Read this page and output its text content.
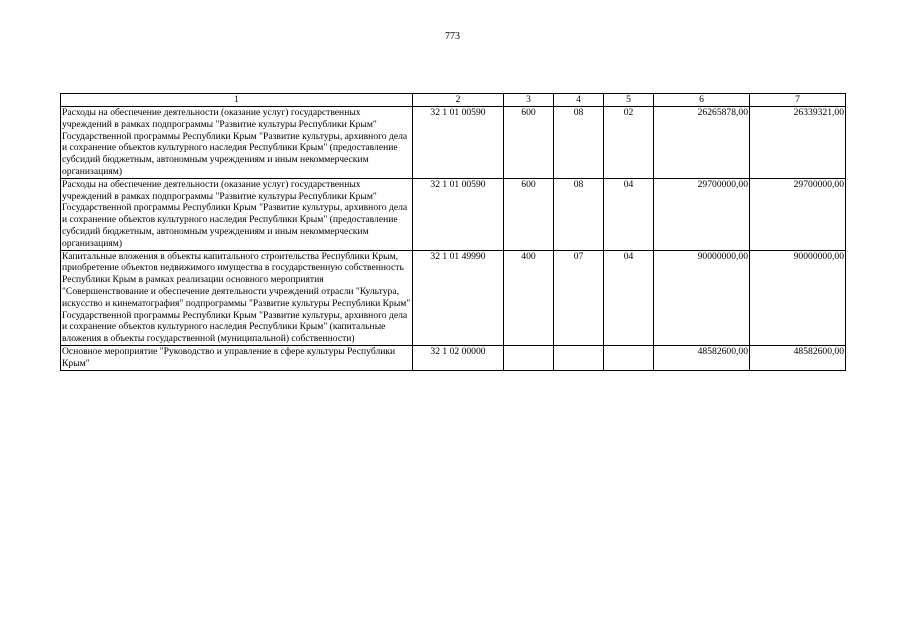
773
1	2	3	4	5	6	7
Расходы на обеспечение деятельности (оказание услуг) государственных учреждений в рамках подпрограммы "Развитие культуры Республики Крым" Государственной программы Республики Крым "Развитие культуры, архивного дела и сохранение объектов культурного наследия Республики Крым" (предоставление субсидий бюджетным, автономным учреждениям и иным некоммерческим организациям)	32 1 01 00590	600	08	02	26265878,00	26339321,00
Расходы на обеспечение деятельности (оказание услуг) государственных учреждений в рамках подпрограммы "Развитие культуры Республики Крым" Государственной программы Республики Крым "Развитие культуры, архивного дела и сохранение объектов культурного наследия Республики Крым" (предоставление субсидий бюджетным, автономным учреждениям и иным некоммерческим организациям)	32 1 01 00590	600	08	04	29700000,00	29700000,00
Капитальные вложения в объекты капитального строительства Республики Крым, приобретение объектов недвижимого имущества в государственную собственность Республики Крым в рамках реализации основного мероприятия "Совершенствование и обеспечение деятельности учреждений отрасли "Культура, искусство и кинематография" подпрограммы "Развитие культуры Республики Крым" Государственной программы Республики Крым "Развитие культуры, архивного дела и сохранение объектов культурного наследия Республики Крым" (капитальные вложения в объекты государственной (муниципальной) собственности)	32 1 01 49990	400	07	04	90000000,00	90000000,00
Основное мероприятие "Руководство и управление в сфере культуры Республики Крым"	32 1 02 00000				48582600,00	48582600,00
